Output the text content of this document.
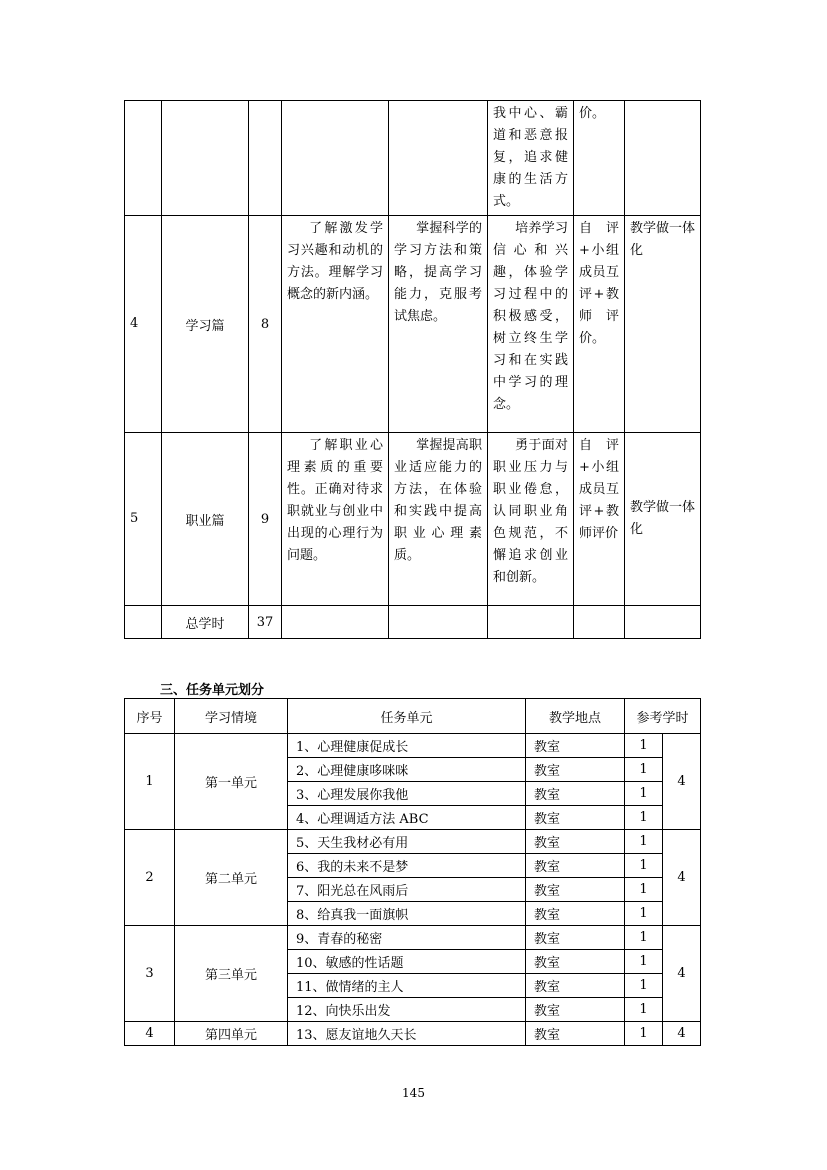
					我中心、霸道和恶意报复，追求健康的生活方式。	价。	
4	学习篇	8	了解激发学习兴趣和动机的方法。理解学习概念的新内涵。	掌握科学的学习方法和策略，提高学习能力，克服考试焦虑。	培养学习信心和兴趣，体验学习过程中的积极感受，树立终生学习和在实践中学习的理念。	自评+小组成员互评+教师评价。	教学做一体化
5	职业篇	9	了解职业心理素质的重要性。正确对待求职就业与创业中出现的心理行为问题。	掌握提高职业适应能力的方法，在体验和实践中提高职业心理素质。	勇于面对职业压力与职业倦怠，认同职业角色规范，不懈追求创业和创新。	自评+小组成员互评+教师评价	教学做一体化
	总学时	37					
三、任务单元划分
序号	学习情境	任务单元	教学地点	参考学时	
1	第一单元	1、心理健康促成长	教室	1	4
		2、心理健康哆咪咪	教室	1	
		3、心理发展你我他	教室	1	
		4、心理调适方法 ABC	教室	1	
2	第二单元	5、天生我材必有用	教室	1	4
		6、我的未来不是梦	教室	1	
		7、阳光总在风雨后	教室	1	
		8、给真我一面旗帜	教室	1	
3	第三单元	9、青春的秘密	教室	1	4
		10、敏感的性话题	教室	1	
		11、做情绪的主人	教室	1	
		12、向快乐出发	教室	1	
4	第四单元	13、愿友谊地久天长	教室	1	4
145
